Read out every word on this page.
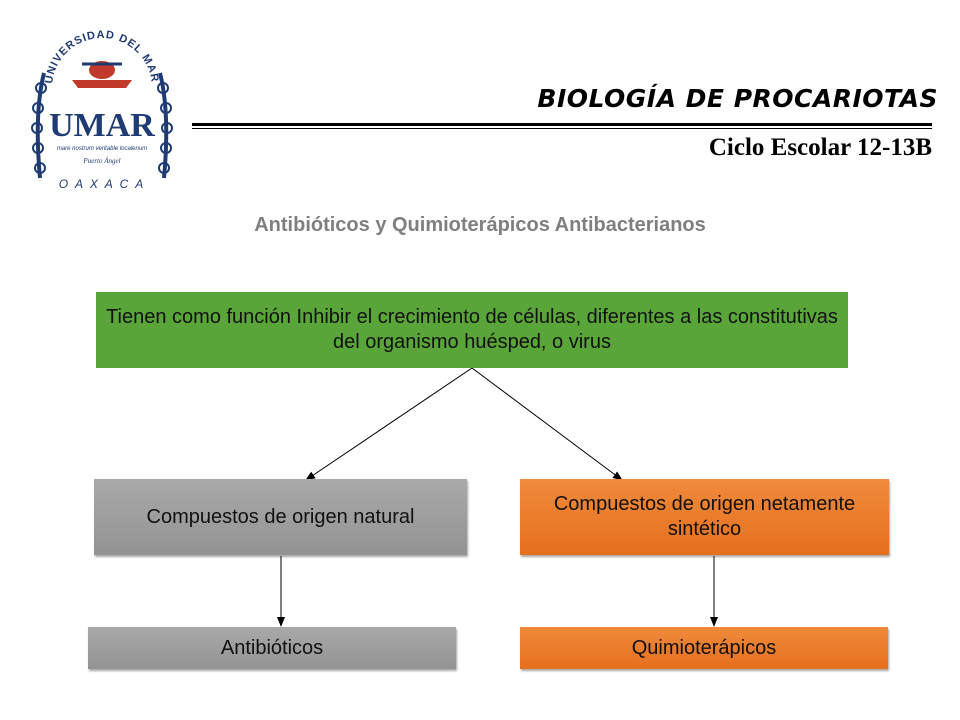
UNIVERSIDAD DEL MAR
UMAR
mare nostrum veritable localenum
Puerto Ángel
O A X A C A
BIOLOGÍA DE PROCARIOTAS
Ciclo Escolar 12-13B
Antibióticos y Quimioterápicos Antibacterianos
Tienen como función Inhibir el crecimiento de células, diferentes a las constitutivas del organismo huésped, o virus
Compuestos de origen natural
Compuestos de origen netamente sintético
Antibióticos	Quimioterápicos
